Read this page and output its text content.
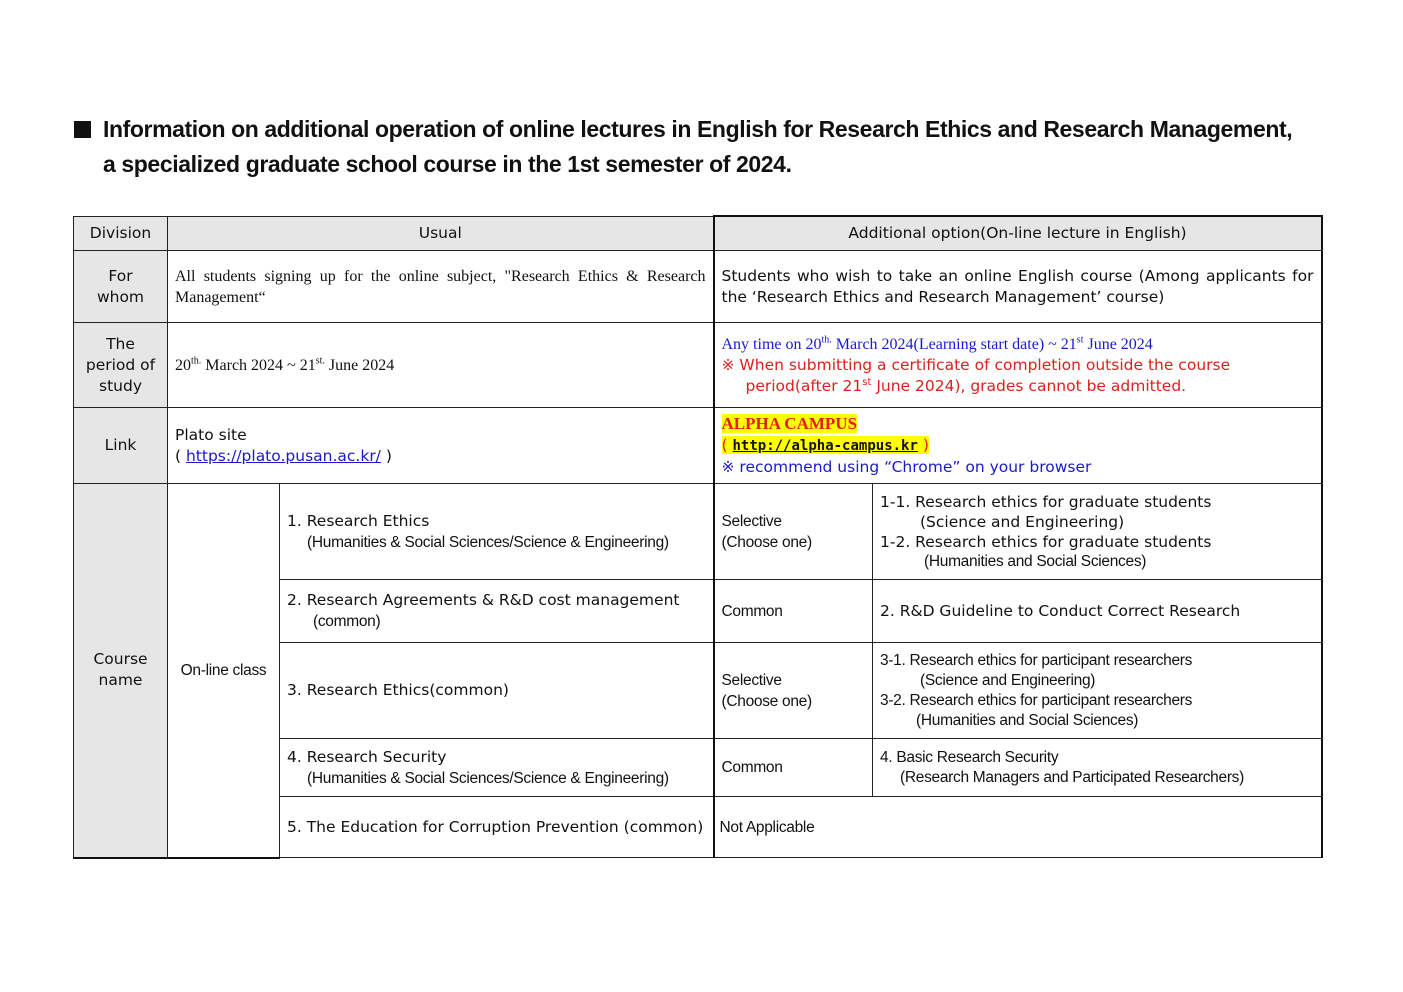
Information on additional operation of online lectures in English for Research Ethics and Research Management,
a specialized graduate school course in the 1st semester of 2024.
Division	Usual		Additional option(On-line lecture in English)	
For
whom	All students signing up for the online subject, "Research Ethics & Research Management“		Students who wish to take an online English course (Among applicants for the ‘Research Ethics and Research Management’ course)	
The
period of
study	$20^{th.}$ March 2024 ~ $21^{st.}$ June 2024		Any time on $20^{th.}$ March 2024(Learning start date) ~ 21st June 2024

※ When submitting a certificate of completion outside the course
period(after 21st June 2024), grades cannot be admitted.	

Link	Plato site
( https://plato.pusan.ac.kr/ )		ALPHA CAMPUS
( http://alpha-campus.kr )
※ recommend using “Chrome” on your browser	
Course
name	On-line class	1. Research Ethics

(Humanities & Social Sciences/Science & Engineering)	Selective
(Choose one)	1-1. Research ethics for graduate students

(Science and Engineering)
1-2. Research ethics for graduate students

(Humanities and Social Sciences)

		2. Research Agreements & R&D cost management

(common)	Common	2. R&D Guideline to Conduct Correct Research
		3. Research Ethics(common)	Selective
(Choose one)	3-1. Research ethics for participant researchers

(Science and Engineering)
3-2. Research ethics for participant researchers

(Humanities and Social Sciences)

		4. Research Security

(Humanities & Social Sciences/Science & Engineering)	Common	4. Basic Research Security

(Research Managers and Participated Researchers)

		5. The Education for Corruption Prevention (common)	Not Applicable	
